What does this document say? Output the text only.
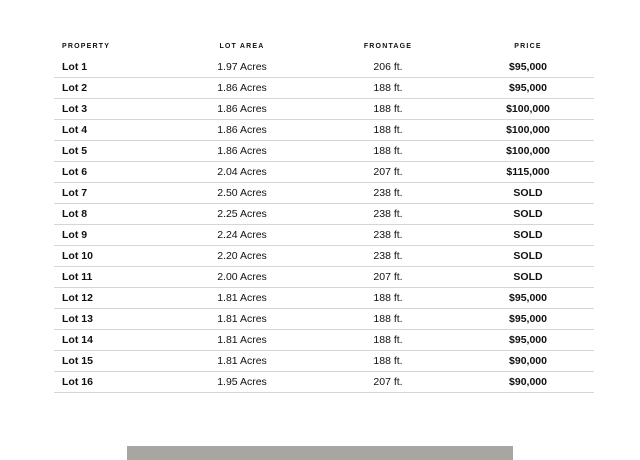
PROPERTY	LOT AREA	FRONTAGE	PRICE
Lot 1	1.97 Acres	206 ft.	$95,000
Lot 2	1.86 Acres	188 ft.	$95,000
Lot 3	1.86 Acres	188 ft.	$100,000
Lot 4	1.86 Acres	188 ft.	$100,000
Lot 5	1.86 Acres	188 ft.	$100,000
Lot 6	2.04 Acres	207 ft.	$115,000
Lot 7	2.50 Acres	238 ft.	SOLD
Lot 8	2.25 Acres	238 ft.	SOLD
Lot 9	2.24 Acres	238 ft.	SOLD
Lot 10	2.20 Acres	238 ft.	SOLD
Lot 11	2.00 Acres	207 ft.	SOLD
Lot 12	1.81 Acres	188 ft.	$95,000
Lot 13	1.81 Acres	188 ft.	$95,000
Lot 14	1.81 Acres	188 ft.	$95,000
Lot 15	1.81 Acres	188 ft.	$90,000
Lot 16	1.95 Acres	207 ft.	$90,000
